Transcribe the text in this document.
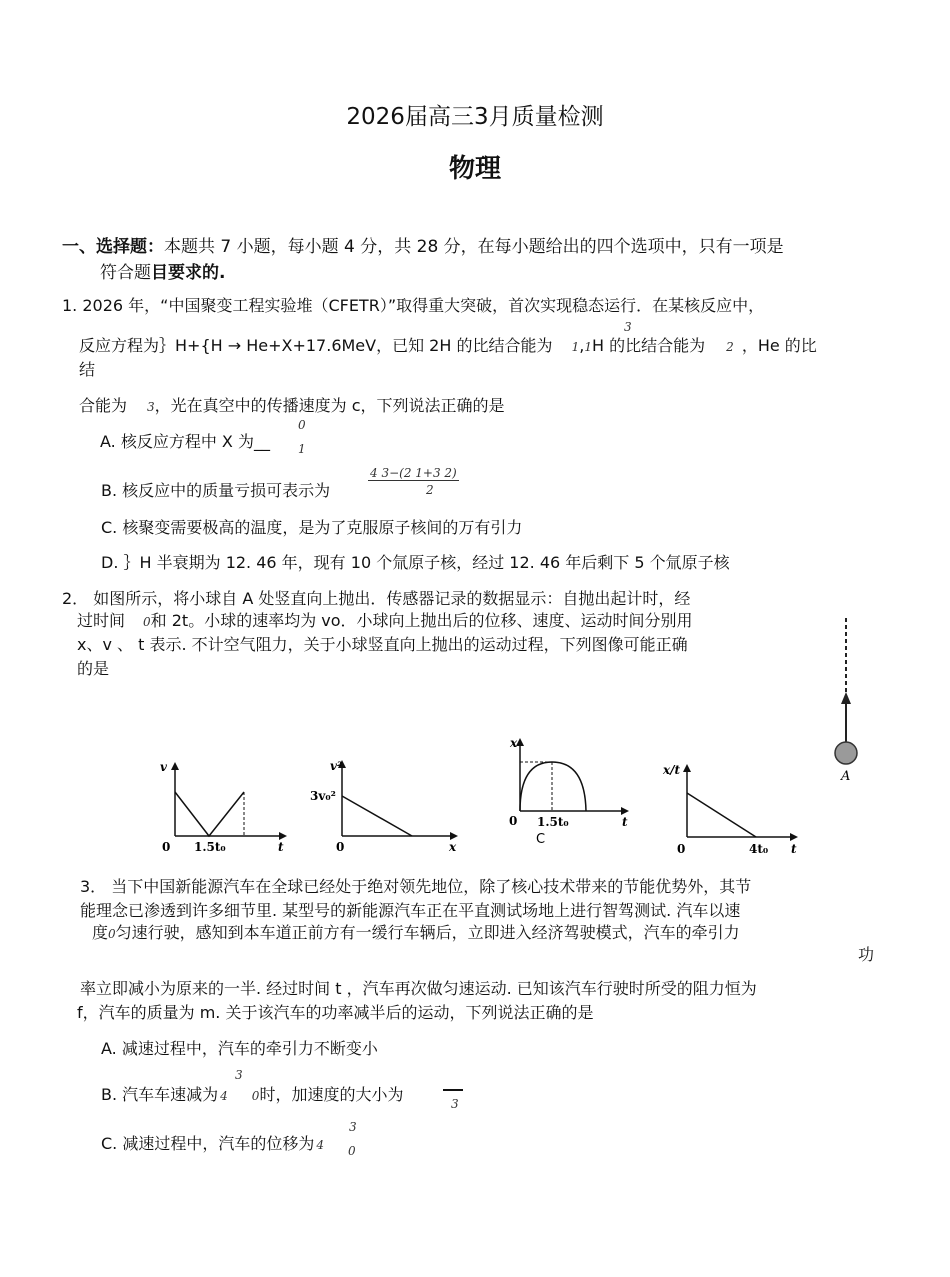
2026届高三3月质量检测
物理
一、选择题：本题共 7 小题，每小题 4 分，共 28 分，在每小题给出的四个选项中，只有一项是
符合题目要求的.
1. 2026 年，“中国聚变工程实验堆（CFETR）”取得重大突破，首次实现稳态运行．在某核反应中，
3
反应方程为｝H+{H → He+X+17.6MeV，已知 2H 的比结合能为 1,1H 的比结合能为 2 ，He 的比
结
合能为 3，光在真空中的传播速度为 c，下列说法正确的是
0
A. 核反应方程中 X 为__ 1
B. 核反应中的质量亏损可表示为
4 3−(2 1+3 2)
2
C. 核聚变需要极高的温度，是为了克服原子核间的万有引力
D. ｝H 半衰期为 12. 46 年，现有 10 个氚原子核，经过 12. 46 年后剩下 5 个氚原子核
2． 如图所示，将小球自 A 处竖直向上抛出．传感器记录的数据显示：自抛出起计时，经
过时间 0和 2t。小球的速率均为 vo．小球向上抛出后的位移、速度、运动时间分别用
x、v 、 t 表示. 不计空气阻力，关于小球竖直向上抛出的运动过程，下列图像可能正确
的是
A
v
0 1.5t₀	t
v²
3v₀²
0	x
x
0 1.5t₀	t
C
x/t
0	4t₀ t
3． 当下中国新能源汽车在全球已经处于绝对领先地位，除了核心技术带来的节能优势外，其节
能理念已渗透到许多细节里. 某型号的新能源汽车正在平直测试场地上进行智驾测试. 汽车以速
度0匀速行驶，感知到本车道正前方有一缓行车辆后，立即进入经济驾驶模式，汽车的牵引力
功
率立即减小为原来的一半. 经过时间 t ，汽车再次做匀速运动. 已知该汽车行驶时所受的阻力恒为
f，汽车的质量为 m. 关于该汽车的功率减半后的运动，下列说法正确的是
A. 减速过程中，汽车的牵引力不断变小
B. 汽车车速减为 4 0时，加速度的大小为
3
3
3
C. 减速过程中，汽车的位移为 4 $_0$
